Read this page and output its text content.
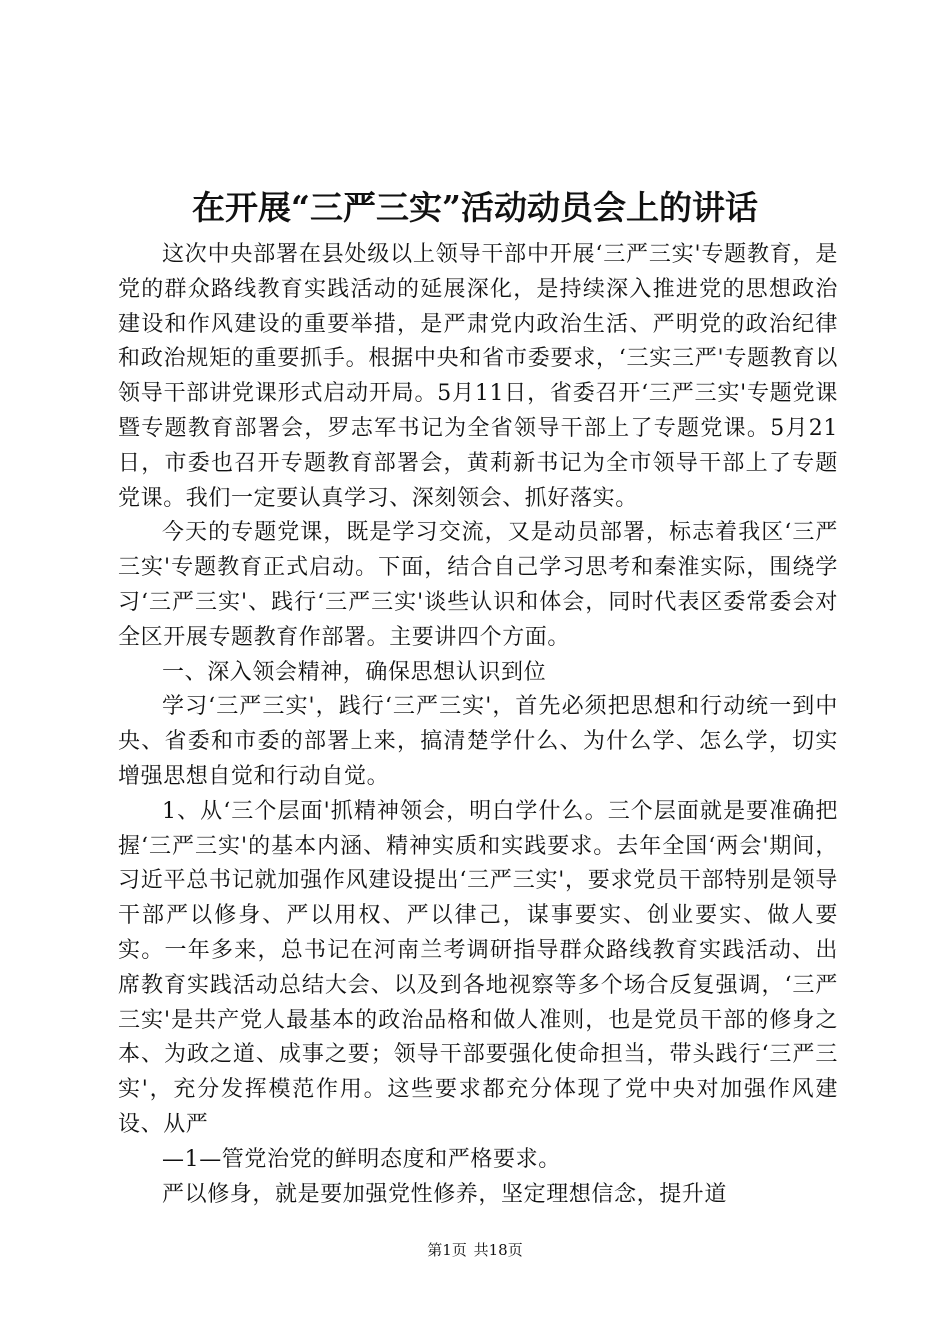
在开展“三严三实”活动动员会上的讲话

这次中央部署在县处级以上领导干部中开展‘三严三实'专题教育，是党的群众路线教育实践活动的延展深化，是持续深入推进党的思想政治建设和作风建设的重要举措，是严肃党内政治生活、严明党的政治纪律和政治规矩的重要抓手。根据中央和省市委要求，‘三实三严'专题教育以领导干部讲党课形式启动开局。5月11日，省委召开‘三严三实'专题党课暨专题教育部署会，罗志军书记为全省领导干部上了专题党课。5月21日，市委也召开专题教育部署会，黄莉新书记为全市领导干部上了专题党课。我们一定要认真学习、深刻领会、抓好落实。

今天的专题党课，既是学习交流，又是动员部署，标志着我区‘三严三实'专题教育正式启动。下面，结合自己学习思考和秦淮实际，围绕学习‘三严三实'、践行‘三严三实'谈些认识和体会，同时代表区委常委会对全区开展专题教育作部署。主要讲四个方面。

一、深入领会精神，确保思想认识到位

学习‘三严三实'，践行‘三严三实'，首先必须把思想和行动统一到中央、省委和市委的部署上来，搞清楚学什么、为什么学、怎么学，切实增强思想自觉和行动自觉。

1、从‘三个层面'抓精神领会，明白学什么。三个层面就是要准确把握‘三严三实'的基本内涵、精神实质和实践要求。去年全国‘两会'期间，习近平总书记就加强作风建设提出‘三严三实'，要求党员干部特别是领导干部严以修身、严以用权、严以律己，谋事要实、创业要实、做人要实。一年多来，总书记在河南兰考调研指导群众路线教育实践活动、出席教育实践活动总结大会、以及到各地视察等多个场合反复强调，‘三严三实'是共产党人最基本的政治品格和做人准则，也是党员干部的修身之本、为政之道、成事之要；领导干部要强化使命担当，带头践行‘三严三实'，充分发挥模范作用。这些要求都充分体现了党中央对加强作风建设、从严

—1—管党治党的鲜明态度和严格要求。

严以修身，就是要加强党性修养，坚定理想信念，提升道

第1页 共18页
